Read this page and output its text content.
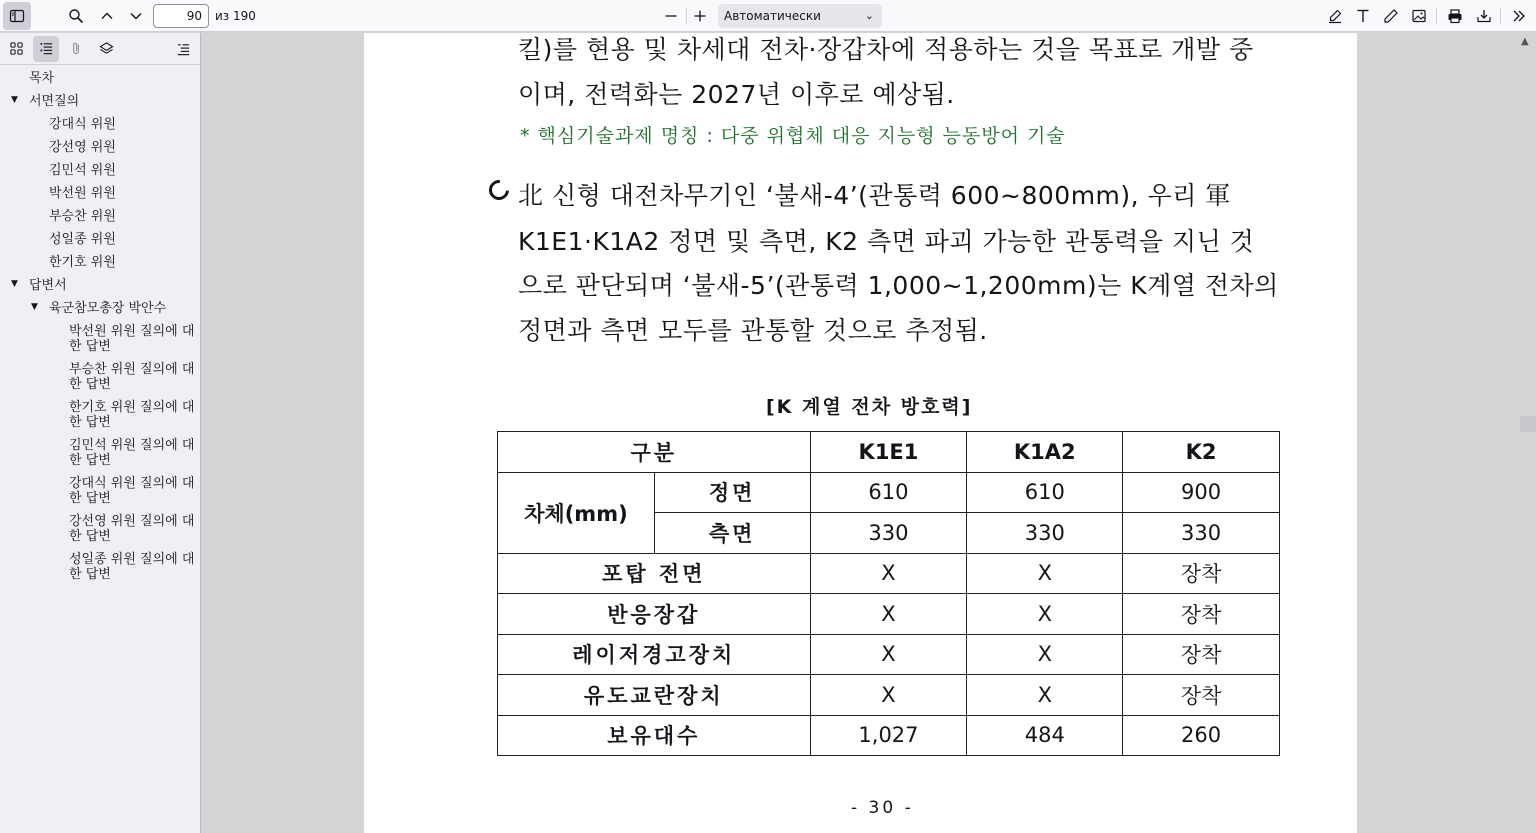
90	из 190	Автоматически	⌄
목차
▼ 서면질의
강대식 위원
강선영 위원
김민석 위원
박선원 위원
부승찬 위원
성일종 위원
한기호 위원
▼ 답변서
▼ 육군참모총장 박안수
박선원 위원 질의에 대
한 답변
부승찬 위원 질의에 대
한 답변
한기호 위원 질의에 대
한 답변
김민석 위원 질의에 대
한 답변
강대식 위원 질의에 대
한 답변
강선영 위원 질의에 대
한 답변
성일종 위원 질의에 대
한 답변
킬)를 현용 및 차세대 전차·장갑차에 적용하는 것을 목표로 개발 중
이며, 전력화는 2027년 이후로 예상됨.
* 핵심기술과제 명칭 : 다중 위협체 대응 지능형 능동방어 기술
北 신형 대전차무기인 ‘불새-4’(관통력 600~800mm), 우리 軍
K1E1·K1A2 정면 및 측면, K2 측면 파괴 가능한 관통력을 지닌 것
으로 판단되며 ‘불새-5’(관통력 1,000~1,200mm)는 K계열 전차의
정면과 측면 모두를 관통할 것으로 추정됨.
[K 계열 전차 방호력]
구분		K1E1	K1A2	K2
차체(mm)	정면	610	610	900
	측면	330	330	330
포탑 전면		X	X	장착
반응장갑		X	X	장착
레이저경고장치		X	X	장착
유도교란장치		X	X	장착
보유대수		1,027	484	260
- 30 -
▲
